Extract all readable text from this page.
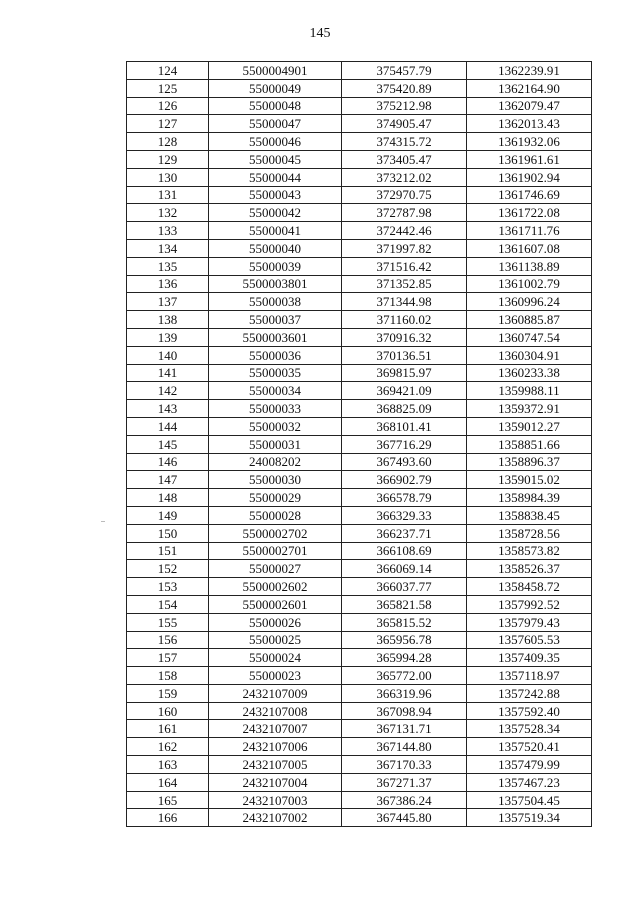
145
124	5500004901	375457.79	1362239.91
125	55000049	375420.89	1362164.90
126	55000048	375212.98	1362079.47
127	55000047	374905.47	1362013.43
128	55000046	374315.72	1361932.06
129	55000045	373405.47	1361961.61
130	55000044	373212.02	1361902.94
131	55000043	372970.75	1361746.69
132	55000042	372787.98	1361722.08
133	55000041	372442.46	1361711.76
134	55000040	371997.82	1361607.08
135	55000039	371516.42	1361138.89
136	5500003801	371352.85	1361002.79
137	55000038	371344.98	1360996.24
138	55000037	371160.02	1360885.87
139	5500003601	370916.32	1360747.54
140	55000036	370136.51	1360304.91
141	55000035	369815.97	1360233.38
142	55000034	369421.09	1359988.11
143	55000033	368825.09	1359372.91
144	55000032	368101.41	1359012.27
145	55000031	367716.29	1358851.66
146	24008202	367493.60	1358896.37
147	55000030	366902.79	1359015.02
148	55000029	366578.79	1358984.39
149	55000028	366329.33	1358838.45
150	5500002702	366237.71	1358728.56
151	5500002701	366108.69	1358573.82
152	55000027	366069.14	1358526.37
153	5500002602	366037.77	1358458.72
154	5500002601	365821.58	1357992.52
155	55000026	365815.52	1357979.43
156	55000025	365956.78	1357605.53
157	55000024	365994.28	1357409.35
158	55000023	365772.00	1357118.97
159	2432107009	366319.96	1357242.88
160	2432107008	367098.94	1357592.40
161	2432107007	367131.71	1357528.34
162	2432107006	367144.80	1357520.41
163	2432107005	367170.33	1357479.99
164	2432107004	367271.37	1357467.23
165	2432107003	367386.24	1357504.45
166	2432107002	367445.80	1357519.34
